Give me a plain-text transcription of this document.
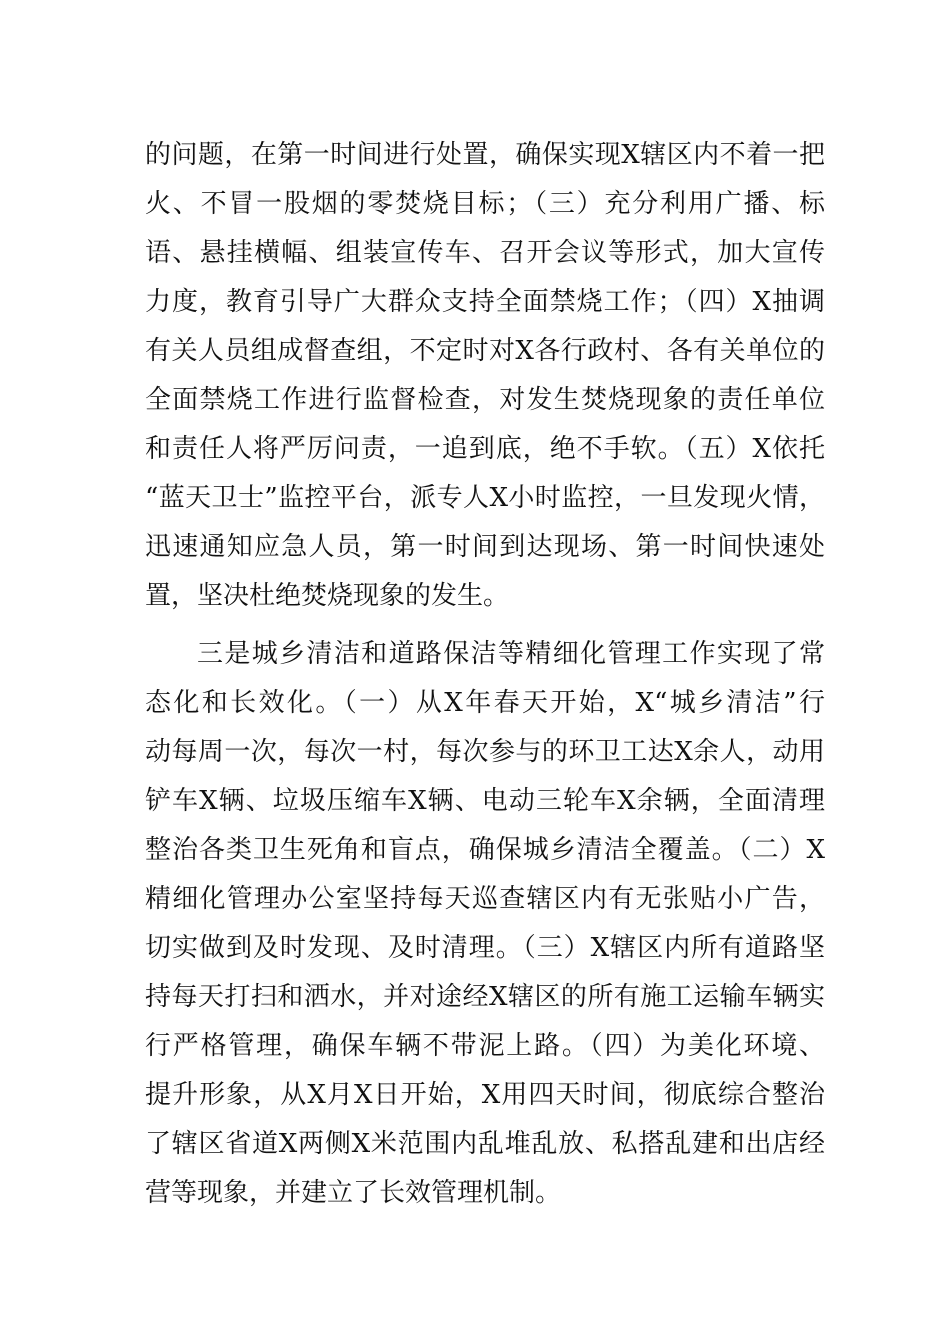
的问题，在第一时间进行处置，确保实现X辖区内不着一把
火、不冒一股烟的零焚烧目标；（三）充分利用广播、标
语、悬挂横幅、组装宣传车、召开会议等形式，加大宣传
力度，教育引导广大群众支持全面禁烧工作；（四）X抽调
有关人员组成督查组，不定时对X各行政村、各有关单位的
全面禁烧工作进行监督检查，对发生焚烧现象的责任单位
和责任人将严厉问责，一追到底，绝不手软。（五）X依托
“蓝天卫士”监控平台，派专人X小时监控，一旦发现火情，
迅速通知应急人员，第一时间到达现场、第一时间快速处
置，坚决杜绝焚烧现象的发生。
三是城乡清洁和道路保洁等精细化管理工作实现了常
态化和长效化。（一）从X年春天开始，X“城乡清洁”行
动每周一次，每次一村，每次参与的环卫工达X余人，动用
铲车X辆、垃圾压缩车X辆、电动三轮车X余辆，全面清理
整治各类卫生死角和盲点，确保城乡清洁全覆盖。（二）X
精细化管理办公室坚持每天巡查辖区内有无张贴小广告，
切实做到及时发现、及时清理。（三）X辖区内所有道路坚
持每天打扫和洒水，并对途经X辖区的所有施工运输车辆实
行严格管理，确保车辆不带泥上路。（四）为美化环境、
提升形象，从X月X日开始，X用四天时间，彻底综合整治
了辖区省道X两侧X米范围内乱堆乱放、私搭乱建和出店经
营等现象，并建立了长效管理机制。
